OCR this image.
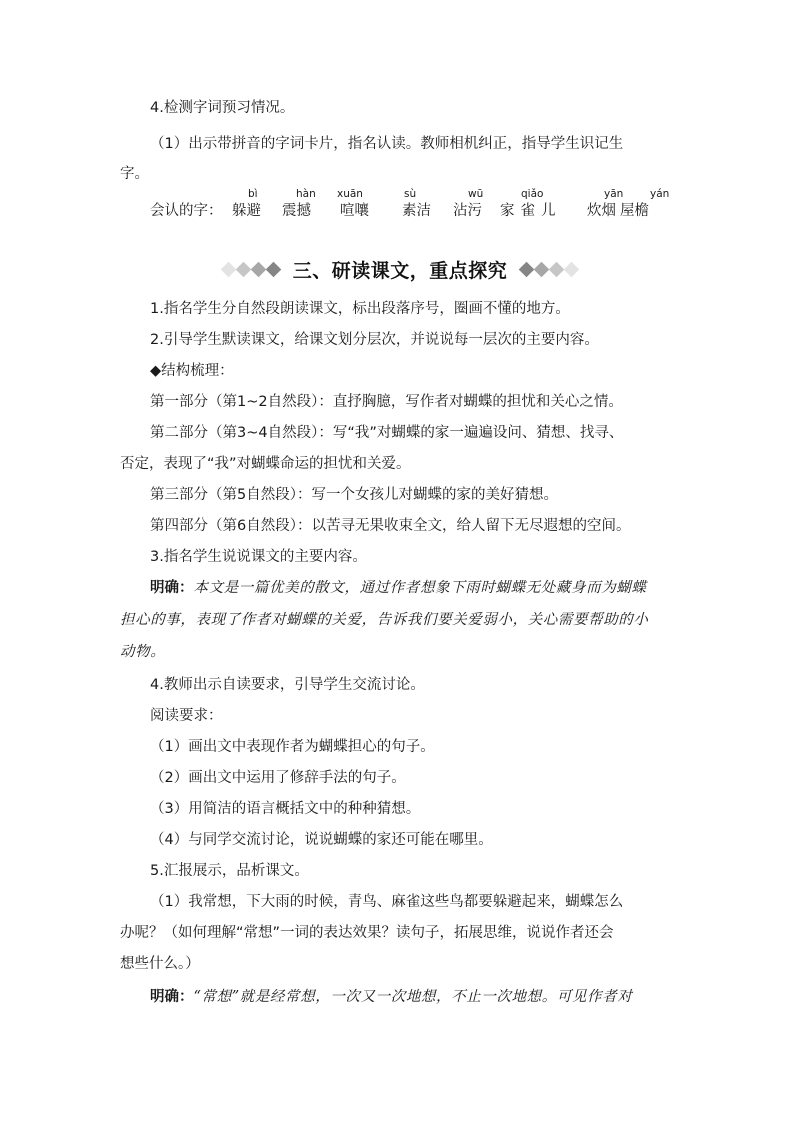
4.检测字词预习情况。
（1）出示带拼音的字词卡片，指名认读。教师相机纠正，指导学生识记生
字。
会认的字： 躲避
bì
震撼
hàn
喧嚷
xuān
素洁
sù
沾污
wū
家雀儿
qiǎo
炊烟
yān
屋檐
yán
三、研读课文，重点探究
1.指名学生分自然段朗读课文，标出段落序号，圈画不懂的地方。
2.引导学生默读课文，给课文划分层次，并说说每一层次的主要内容。
◆结构梳理：
第一部分（第1~2自然段）：直抒胸臆，写作者对蝴蝶的担忧和关心之情。
第二部分（第3~4自然段）：写“我”对蝴蝶的家一遍遍设问、猜想、找寻、
否定，表现了“我”对蝴蝶命运的担忧和关爱。
第三部分（第5自然段）：写一个女孩儿对蝴蝶的家的美好猜想。
第四部分（第6自然段）：以苦寻无果收束全文，给人留下无尽遐想的空间。
3.指名学生说说课文的主要内容。
明确：本文是一篇优美的散文，通过作者想象下雨时蝴蝶无处藏身而为蝴蝶
担心的事，表现了作者对蝴蝶的关爱，告诉我们要关爱弱小，关心需要帮助的小
动物。
4.教师出示自读要求，引导学生交流讨论。
阅读要求：
（1）画出文中表现作者为蝴蝶担心的句子。
（2）画出文中运用了修辞手法的句子。
（3）用简洁的语言概括文中的种种猜想。
（4）与同学交流讨论，说说蝴蝶的家还可能在哪里。
5.汇报展示，品析课文。
（1）我常想，下大雨的时候，青鸟、麻雀这些鸟都要躲避起来，蝴蝶怎么
办呢？（如何理解“常想”一词的表达效果？读句子，拓展思维，说说作者还会
想些什么。）
明确：“常想”就是经常想，一次又一次地想，不止一次地想。可见作者对
